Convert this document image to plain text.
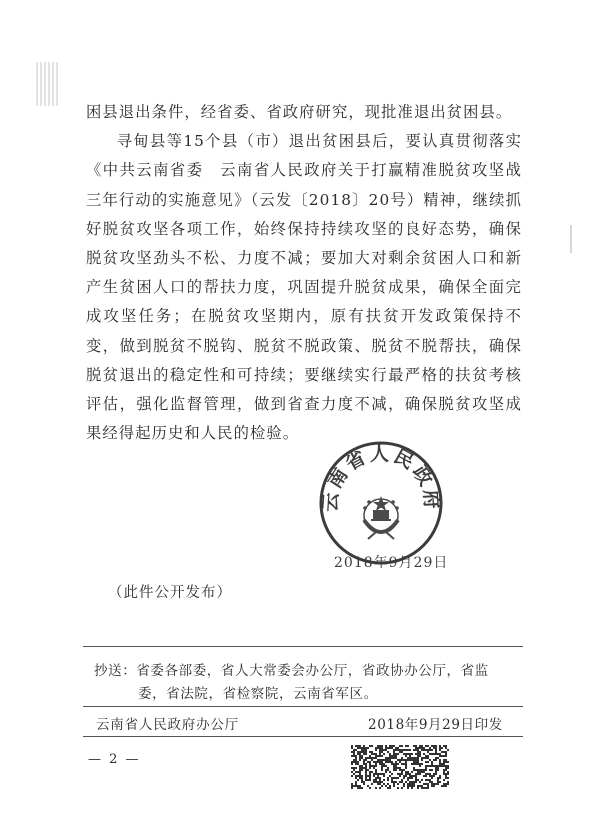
困县退出条件，经省委、省政府研究，现批准退出贫困县。

寻甸县等15个县（市）退出贫困县后，要认真贯彻落实《中共云南省委　云南省人民政府关于打赢精准脱贫攻坚战三年行动的实施意见》（云发〔2018〕20号）精神，继续抓好脱贫攻坚各项工作，始终保持持续攻坚的良好态势，确保脱贫攻坚劲头不松、力度不减；要加大对剩余贫困人口和新产生贫困人口的帮扶力度，巩固提升脱贫成果，确保全面完成攻坚任务；在脱贫攻坚期内，原有扶贫开发政策保持不变，做到脱贫不脱钩、脱贫不脱政策、脱贫不脱帮扶，确保脱贫退出的稳定性和可持续；要继续实行最严格的扶贫考核评估，强化监督管理，做到省查力度不减，确保脱贫攻坚成果经得起历史和人民的检验。

云南省人民政府
2018年9月29日
（此件公开发布）
抄送：省委各部委，省人大常委会办公厅，省政协办公厅，省监
委，省法院，省检察院，云南省军区。
云南省人民政府办公厅	2018年9月29日印发
— 2 —
